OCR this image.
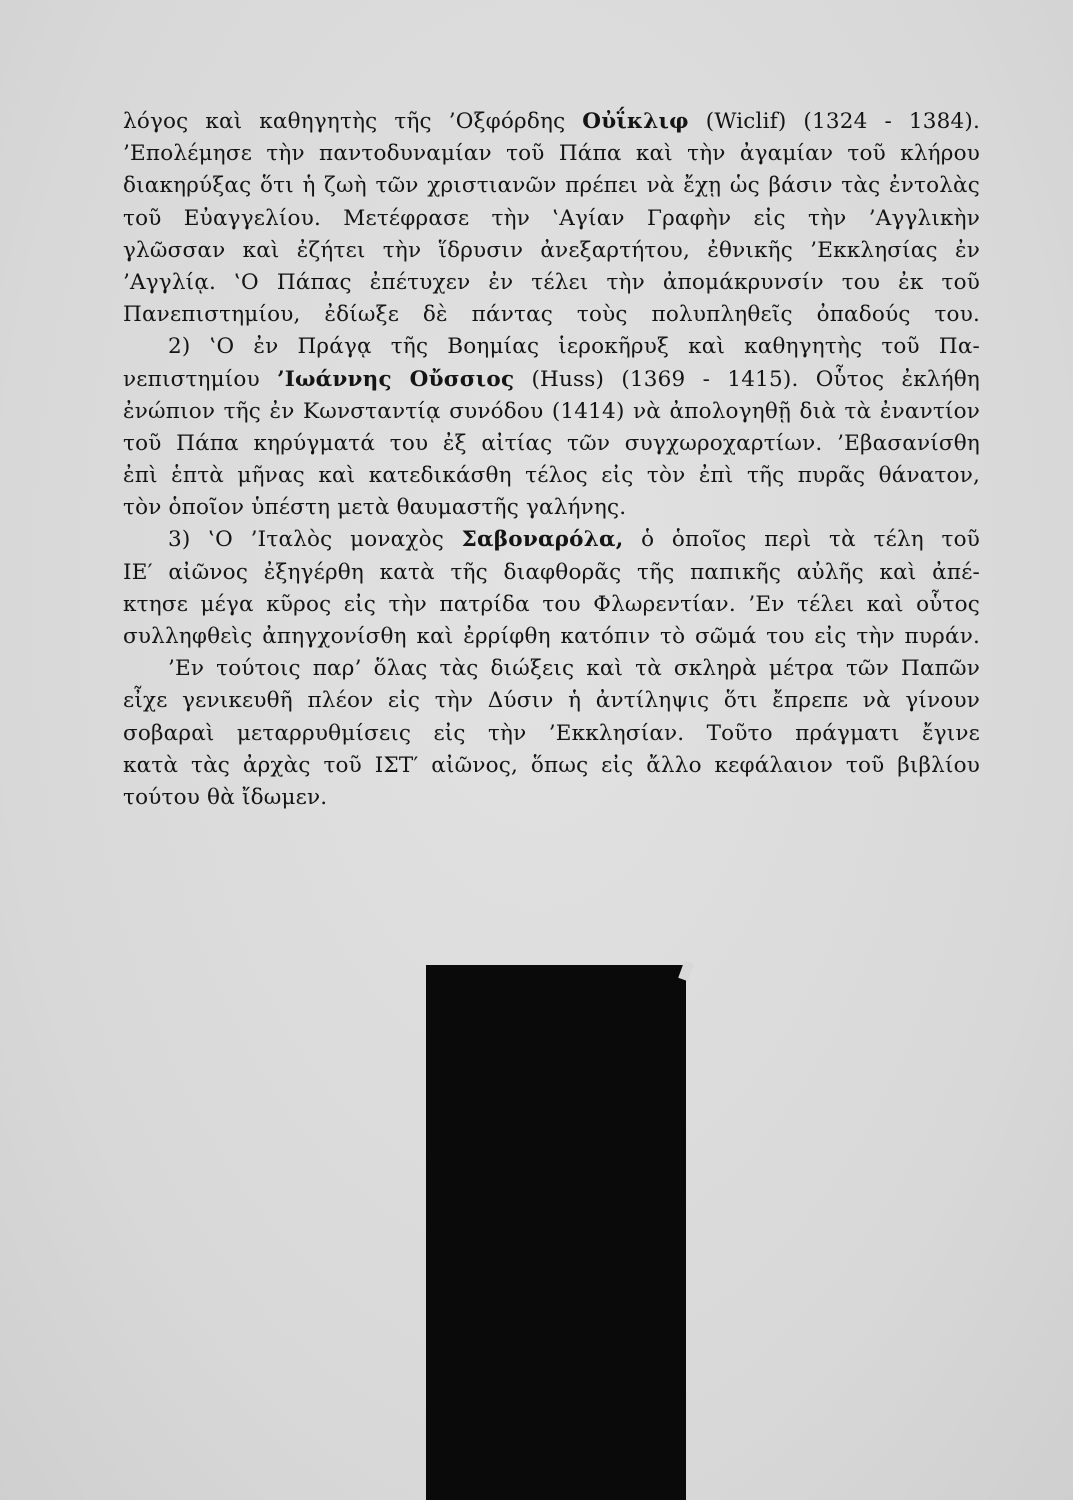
λόγος καὶ καθηγητὴς τῆς ’Οξφόρδης Οὐΐκλιφ (Wiclif) (1324 - 1384).
’Επολέμησε τὴν παντοδυναμίαν τοῦ Πάπα καὶ τὴν ἀγαμίαν τοῦ κλήρου
διακηρύξας ὅτι ἡ ζωὴ τῶν χριστιανῶν πρέπει νὰ ἔχῃ ὡς βάσιν τὰς ἐντολὰς
τοῦ Εὐαγγελίου. Μετέφρασε τὴν ‛Αγίαν Γραφὴν εἰς τὴν ’Αγγλικὴν
γλῶσσαν καὶ ἐζήτει τὴν ἵδρυσιν ἀνεξαρτήτου, ἐθνικῆς ’Εκκλησίας ἐν
’Αγγλίᾳ. ‛Ο Πάπας ἐπέτυχεν ἐν τέλει τὴν ἀπομάκρυνσίν του ἐκ τοῦ
Πανεπιστημίου, ἐδίωξε δὲ πάντας τοὺς πολυπληθεῖς ὀπαδούς του.
2) ‛Ο ἐν Πράγᾳ τῆς Βοημίας ἱεροκῆρυξ καὶ καθηγητὴς τοῦ Πα-
νεπιστημίου ’Ιωάννης Οὔσσιος (Huss) (1369 - 1415). Οὗτος ἐκλήθη
ἐνώπιον τῆς ἐν Κωνσταντίᾳ συνόδου (1414) νὰ ἀπολογηθῇ διὰ τὰ ἐναντίον
τοῦ Πάπα κηρύγματά του ἐξ αἰτίας τῶν συγχωροχαρτίων. ’Εβασανίσθη
ἐπὶ ἑπτὰ μῆνας καὶ κατεδικάσθη τέλος εἰς τὸν ἐπὶ τῆς πυρᾶς θάνατον,
τὸν ὁποῖον ὑπέστη μετὰ θαυμαστῆς γαλήνης.
3) ‛Ο ’Ιταλὸς μοναχὸς Σαβοναρόλα, ὁ ὁποῖος περὶ τὰ τέλη τοῦ
ΙΕ′ αἰῶνος ἐξηγέρθη κατὰ τῆς διαφθορᾶς τῆς παπικῆς αὐλῆς καὶ ἀπέ-
κτησε μέγα κῦρος εἰς τὴν πατρίδα του Φλωρεντίαν. ’Εν τέλει καὶ οὗτος
συλληφθεὶς ἀπηγχονίσθη καὶ ἐρρίφθη κατόπιν τὸ σῶμά του εἰς τὴν πυράν.
’Εν τούτοις παρ’ ὅλας τὰς διώξεις καὶ τὰ σκληρὰ μέτρα τῶν Παπῶν
εἶχε γενικευθῆ πλέον εἰς τὴν Δύσιν ἡ ἀντίληψις ὅτι ἔπρεπε νὰ γίνουν
σοβαραὶ μεταρρυθμίσεις εἰς τὴν ’Εκκλησίαν. Τοῦτο πράγματι ἔγινε
κατὰ τὰς ἀρχὰς τοῦ ΙΣΤ′ αἰῶνος, ὅπως εἰς ἄλλο κεφάλαιον τοῦ βιβλίου
τούτου θὰ ἴδωμεν.
